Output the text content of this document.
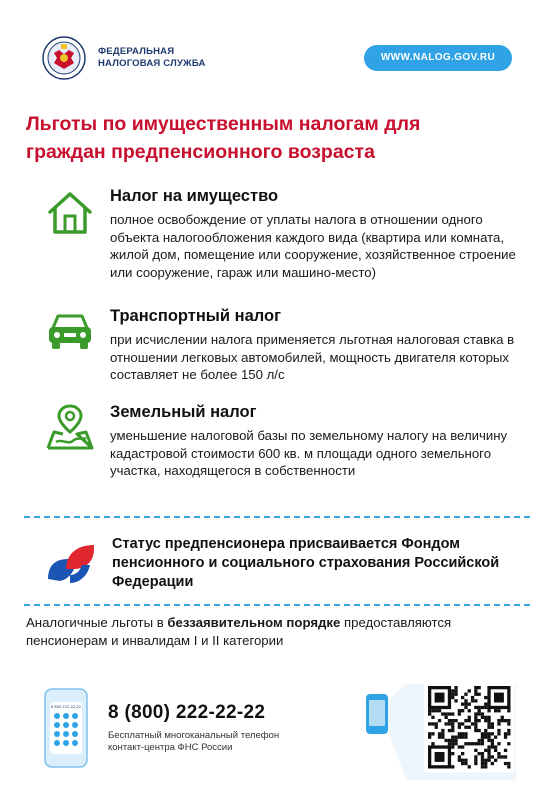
ФЕДЕРАЛЬНАЯ
НАЛОГОВАЯ СЛУЖБА
WWW.NALOG.GOV.RU
Льготы по имущественным налогам для
граждан предпенсионного возраста
Налог на имущество

полное освобождение от уплаты налога в отношении одного объекта налогообложения каждого вида (квартира или комната, жилой дом, помещение или сооружение, хозяйственное строение или сооружение, гараж или машино-место)

Транспортный налог

при исчислении налога применяется льготная налоговая ставка в отношении легковых автомобилей, мощность двигателя которых составляет не более 150 л/с

Земельный налог

уменьшение налоговой базы по земельному налогу на величину кадастровой стоимости 600 кв. м площади одного земельного участка, находящегося в собственности

Статус предпенсионера присваивается Фондом пенсионного и социального страхования Российской Федерации
Аналогичные льготы в беззаявительном порядке предоставляются пенсионерам и инвалидам I и II категории
8 800 222-22-22 8 (800) 222-22-22
Бесплатный многоканальный телефон
контакт-центра ФНС России
